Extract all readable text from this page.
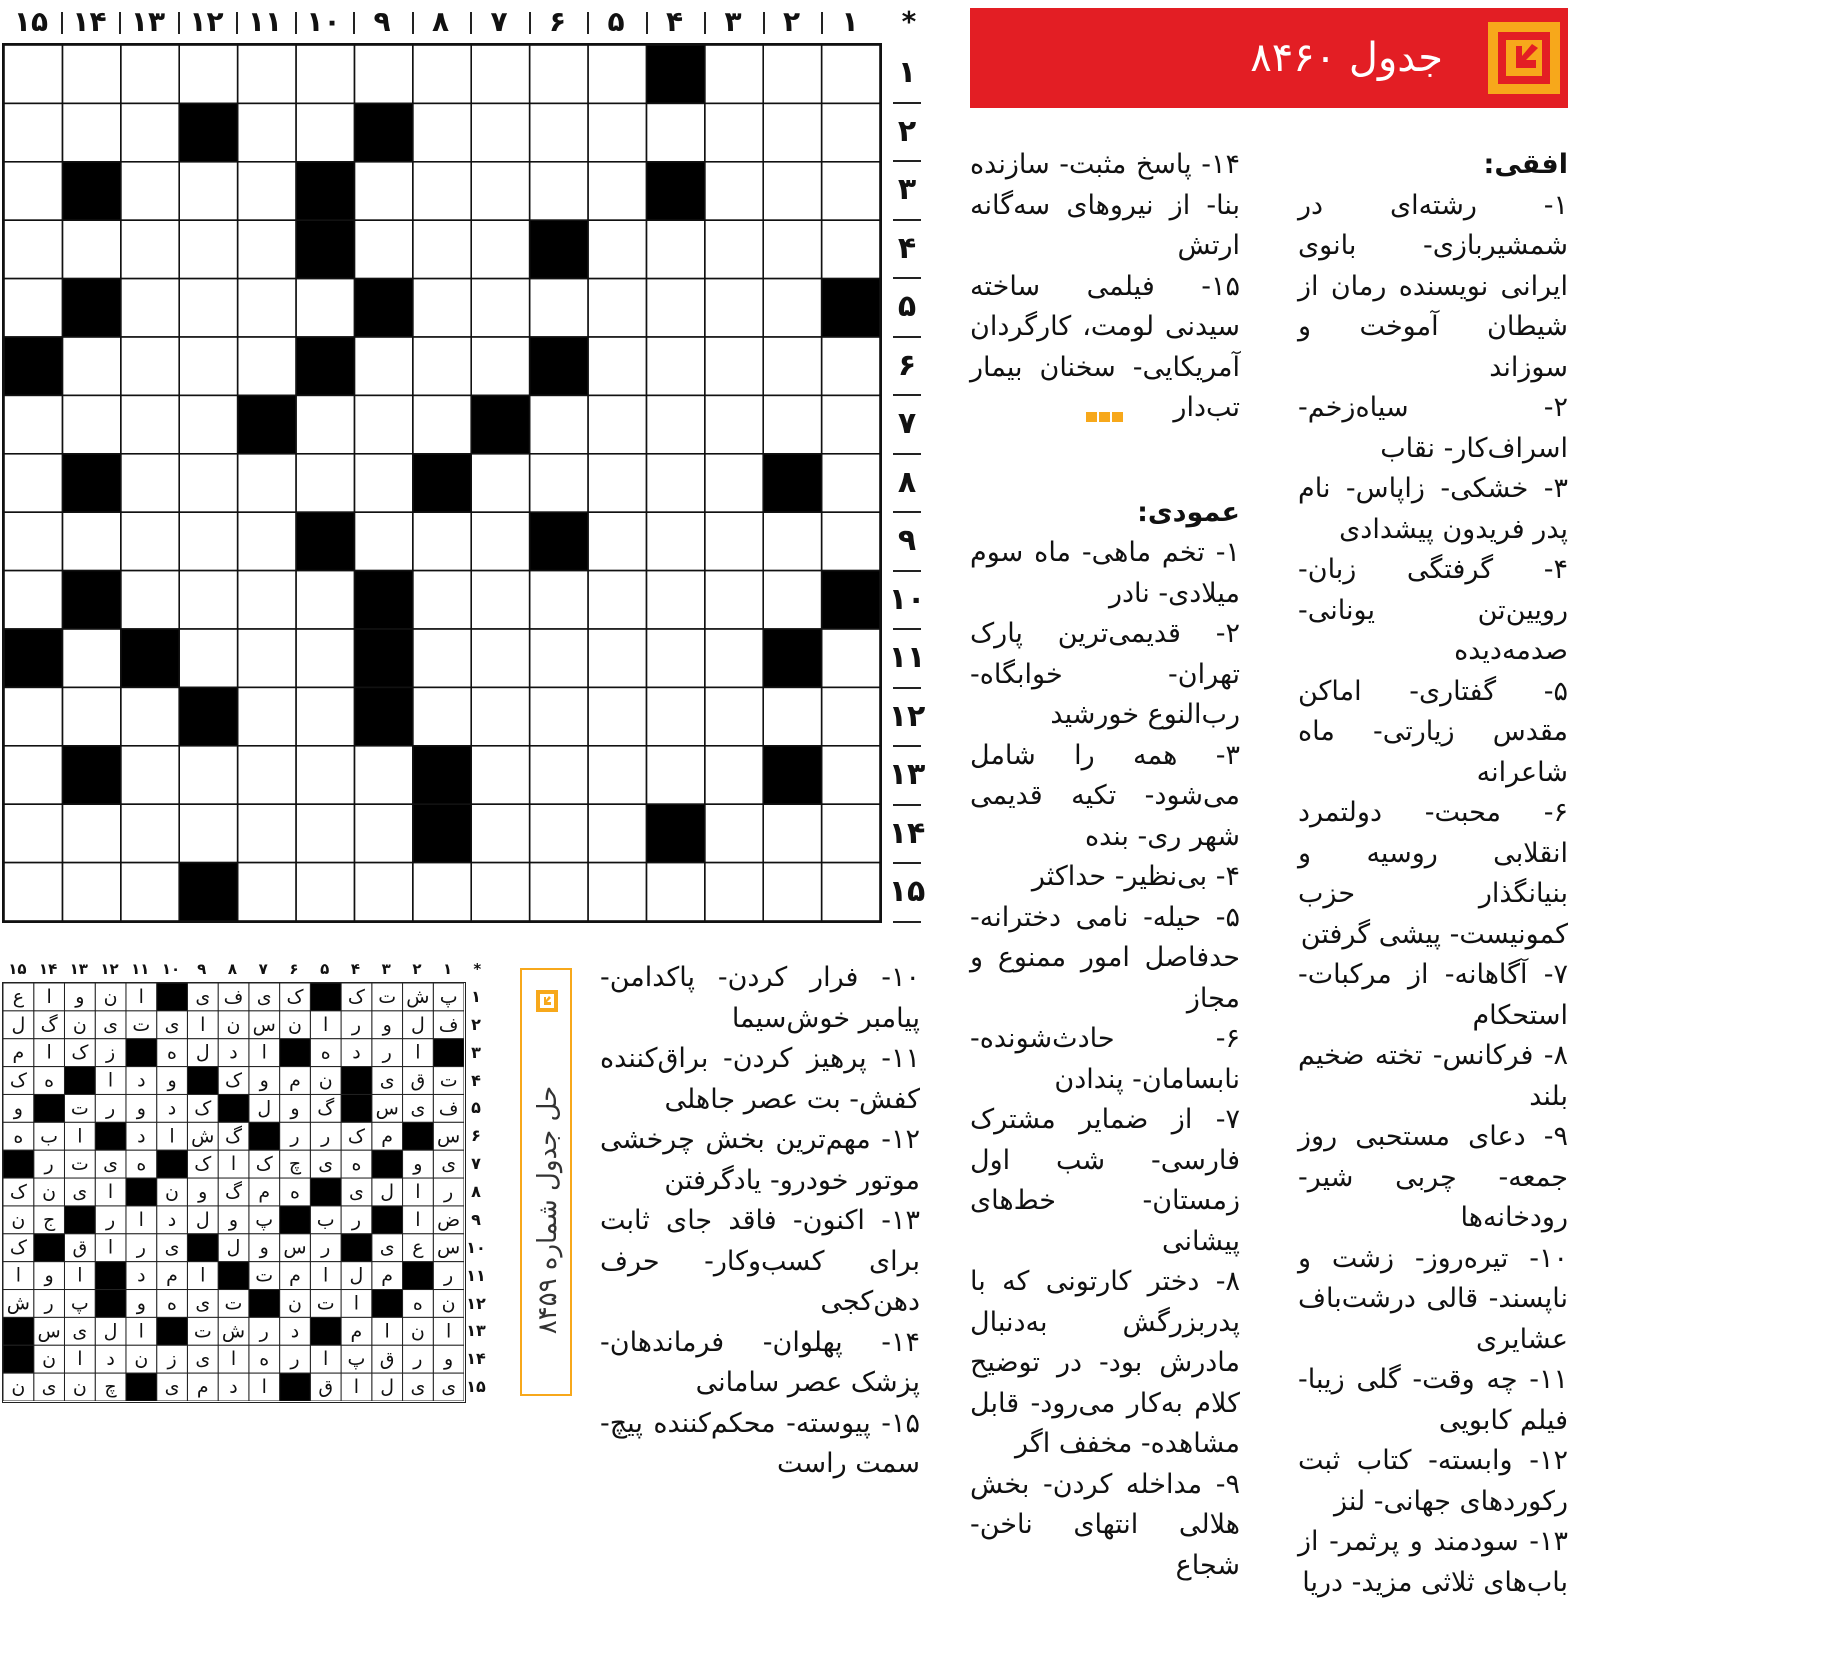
*
۱
۲
۳
۴
۵
۶
۷
۸
۹
۱۰
۱۱
۱۲
۱۳
۱۴
۱۵
۱
۲
۳
۴
۵
۶
۷
۸
۹
۱۰
۱۱
۱۲
۱۳
۱۴
۱۵
جدول ۸۴۶۰

افقی:

۱- رشته‌ای در شمشیربازی- بانوی ایرانی نویسنده رمان از شیطان آموخت و سوزاند

۲- سیاه‌زخم- اسراف‌کار- نقاب

۳- خشکی- زاپاس- نام پدر فریدون پیشدادی

۴- گرفتگی زبان- رویین‌تن یونانی- صدمه‌دیده

۵- گفتاری- اماکن مقدس زیارتی- ماه شاعرانه

۶- محبت- دولتمرد انقلابی روسیه و بنیانگذار حزب کمونیست- پیشی گرفتن

۷- آگاهانه- از مرکبات- استحکام

۸- فرکانس- تخته ضخیم بلند

۹- دعای مستحبی روز جمعه- چربی شیر- رودخانه‌ها

۱۰- تیره‌روز- زشت و ناپسند- قالی درشت‌باف عشایری

۱۱- چه وقت- گلی زیبا- فیلم کابویی

۱۲- وابسته- کتاب ثبت رکوردهای جهانی- لنز

۱۳- سودمند و پرثمر- از باب‌های ثلاثی مزید- دریا

۱۴- پاسخ مثبت- سازنده بنا- از نیروهای سه‌گانه ارتش

۱۵- فیلمی ساخته سیدنی لومت، کارگردان آمریکایی- سخنان بیمار تب‌دار

عمودی:

۱- تخم ماهی- ماه سوم میلادی- نادر

۲- قدیمی‌ترین پارک تهران- خوابگاه- رب‌النوع خورشید

۳- همه را شامل می‌شود- تکیه قدیمی شهر ری- بنده

۴- بی‌نظیر- حداکثر

۵- حیله- نامی دخترانه- حدفاصل امور ممنوع و مجاز

۶- حادث‌شونده- نابسامان- پندادن

۷- از ضمایر مشترک فارسی- شب اول زمستان- خط‌های پیشانی

۸- دختر کارتونی که با پدربزرگش به‌دنبال مادرش بود- در توضیح کلام به‌کار می‌رود- قابل مشاهده- مخفف اگر

۹- مداخله کردن- بخش هلالی انتهای ناخن- شجاع

۱۰- فرار کردن- پاکدامن- پیامبر خوش‌سیما

۱۱- پرهیز کردن- براق‌کننده کفش- بت عصر جاهلی

۱۲- مهم‌ترین بخش چرخشی موتور خودرو- یادگرفتن

۱۳- اکنون- فاقد جای ثابت برای کسب‌وکار- حرف دهن‌کجی

۱۴- پهلوان- فرماندهان- پزشک عصر سامانی

۱۵- پیوسته- محکم‌کننده پیچ- سمت راست

حل جدول شماره ۸۴۵۹
*
۱
۲
۳
۴
۵
۶
۷
۸
۹
۱۰
۱۱
۱۲
۱۳
۱۴
۱۵
۱
۲
۳
۴
۵
۶
۷
۸
۹
۱۰
۱۱
۱۲
۱۳
۱۴
۱۵
پ
ش
ت
ک
ک
ی
ف
ی
ا
ن
و
ا
ع
ف
ل
و
ر
ا
ن
س
ن
ا
ی
ت
ی
ن
گ
ل
ا
ر
د
ه
ا
د
ل
ه
ز
ک
ا
م
ت
ق
ی
ن
م
و
ک
و
د
ا
ه
ک
ف
ی
س
گ
و
ل
ک
د
و
ر
ت
و
س
م
ک
ر
ر
گ
ش
ا
د
ا
ب
ه
ی
و
ه
ی
چ
ک
ا
ک
ه
ی
ت
ر
ر
ا
ل
ی
ه
م
گ
و
ن
ا
ی
ن
ک
ض
ا
ر
ب
پ
و
ل
د
ا
ر
ج
ن
س
ع
ی
ر
س
و
ل
ی
ر
ا
ق
ک
ر
م
ل
ا
م
ت
ا
م
د
ا
و
ا
ن
ه
ا
ت
ن
ت
ی
ه
و
پ
ر
ش
ا
ن
ا
م
د
ر
ش
ت
ا
ل
ی
س
و
ر
ق
پ
ا
ر
ه
ا
ی
ز
ن
د
ا
ن
ی
ی
ل
ا
ق
ا
د
م
ی
چ
ن
ی
ن
